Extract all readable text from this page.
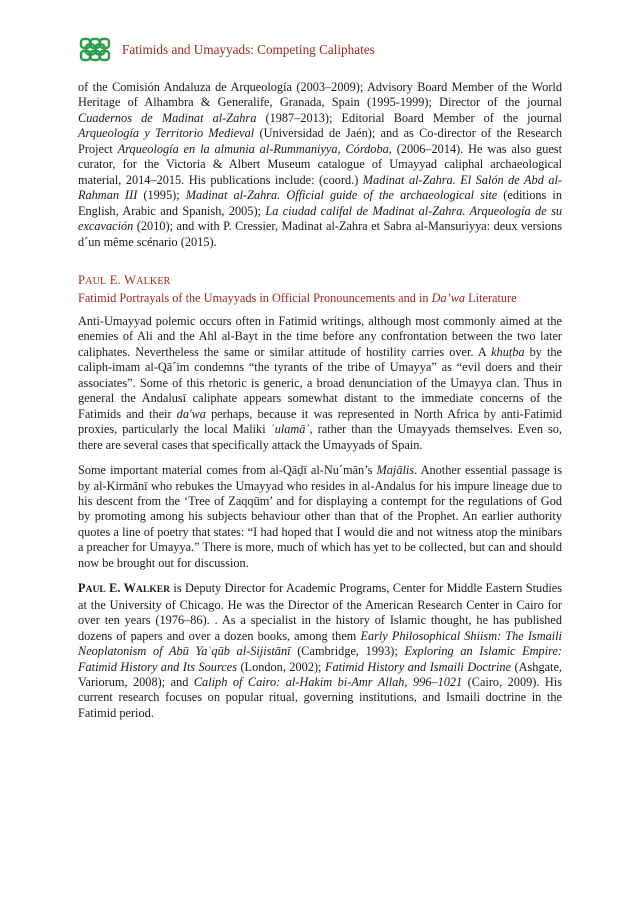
Fatimids and Umayyads: Competing Caliphates

of the Comisión Andaluza de Arqueología (2003–2009); Advisory Board Member of the World Heritage of Alhambra & Generalife, Granada, Spain (1995-1999); Director of the journal Cuadernos de Madinat al-Zahra (1987–2013); Editorial Board Member of the journal Arqueología y Territorio Medieval (Universidad de Jaén); and as Co-director of the Research Project Arqueología en la almunia al-Rummaniyya, Córdoba, (2006–2014). He was also guest curator, for the Victoria & Albert Museum catalogue of Umayyad caliphal archaeological material, 2014–2015. His publications include: (coord.) Madinat al-Zahra. El Salón de Abd al-Rahman III (1995); Madinat al-Zahra. Official guide of the archaeological site (editions in English, Arabic and Spanish, 2005); La ciudad califal de Madinat al-Zahra. Arqueología de su excavación (2010); and with P. Cressier, Madinat al-Zahra et Sabra al-Mansuriyya: deux versions d´un même scénario (2015).

PAUL E. WALKER
Fatimid Portrayals of the Umayyads in Official Pronouncements and in Da’wa Literature

Anti-Umayyad polemic occurs often in Fatimid writings, although most commonly aimed at the enemies of Ali and the Ahl al-Bayt in the time before any confrontation between the two later caliphates. Nevertheless the same or similar attitude of hostility carries over. A khuṭba by the caliph-imam al-Qā´im condemns “the tyrants of the tribe of Umayya” as “evil doers and their associates”. Some of this rhetoric is generic, a broad denunciation of the Umayya clan. Thus in general the Andalusī caliphate appears somewhat distant to the immediate concerns of the Fatimids and their da'wa perhaps, because it was represented in North Africa by anti-Fatimid proxies, particularly the local Maliki ʿulamāʾ, rather than the Umayyads themselves. Even so, there are several cases that specifically attack the Umayyads of Spain.

Some important material comes from al-Qāḍī al-Nu´mān’s Majālis. Another essential passage is by al-Kirmānī who rebukes the Umayyad who resides in al-Andalus for his impure lineage due to his descent from the ‘Tree of Zaqqūm’ and for displaying a contempt for the regulations of God by promoting among his subjects behaviour other than that of the Prophet. An earlier authority quotes a line of poetry that states: “I had hoped that I would die and not witness atop the minibars a preacher for Umayya.” There is more, much of which has yet to be collected, but can and should now be brought out for discussion.

PAUL E. WALKER is Deputy Director for Academic Programs, Center for Middle Eastern Studies at the University of Chicago. He was the Director of the American Research Center in Cairo for over ten years (1976–86). . As a specialist in the history of Islamic thought, he has published dozens of papers and over a dozen books, among them Early Philosophical Shiism: The Ismaili Neoplatonism of Abū Yaʿqūb al-Sijistānī (Cambridge, 1993); Exploring an Islamic Empire: Fatimid History and Its Sources (London, 2002); Fatimid History and Ismaili Doctrine (Ashgate, Variorum, 2008); and Caliph of Cairo: al-Hakim bi-Amr Allah, 996–1021 (Cairo, 2009). His current research focuses on popular ritual, governing institutions, and Ismaili doctrine in the Fatimid period.
